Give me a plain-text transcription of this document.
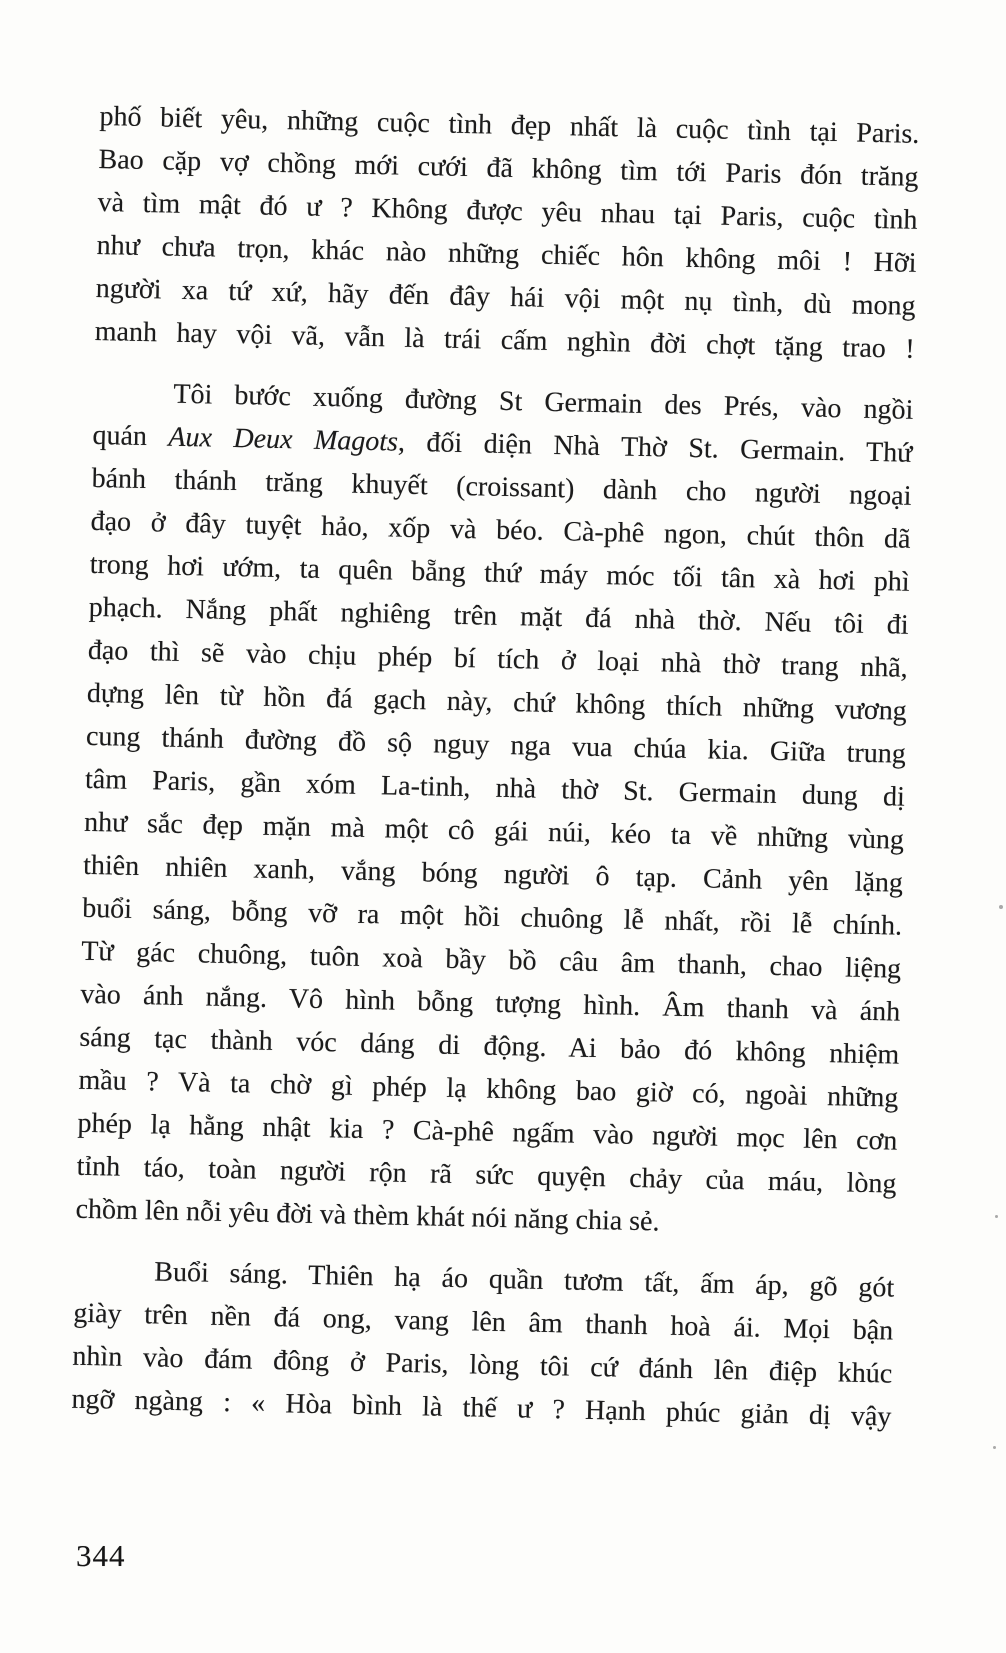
phố biết yêu, những cuộc tình đẹp nhất là cuộc tình tại Paris.
Bao cặp vợ chồng mới cưới đã không tìm tới Paris đón trăng
và tìm mật đó ư ? Không được yêu nhau tại Paris, cuộc tình
như chưa trọn, khác nào những chiếc hôn không môi ! Hỡi
người xa tứ xứ, hãy đến đây hái vội một nụ tình, dù mong
manh hay vội vã, vẫn là trái cấm nghìn đời chợt tặng trao !
Tôi bước xuống đường St Germain des Prés, vào ngồi
quán Aux Deux Magots, đối diện Nhà Thờ St. Germain. Thứ
bánh thánh trăng khuyết (croissant) dành cho người ngoại
đạo ở đây tuyệt hảo, xốp và béo. Cà-phê ngon, chút thôn dã
trong hơi ướm, ta quên bẵng thứ máy móc tối tân xà hơi phì
phạch. Nắng phất nghiêng trên mặt đá nhà thờ. Nếu tôi đi
đạo thì sẽ vào chịu phép bí tích ở loại nhà thờ trang nhã,
dựng lên từ hồn đá gạch này, chứ không thích những vương
cung thánh đường đồ sộ nguy nga vua chúa kia. Giữa trung
tâm Paris, gần xóm La-tinh, nhà thờ St. Germain dung dị
như sắc đẹp mặn mà một cô gái núi, kéo ta về những vùng
thiên nhiên xanh, vắng bóng người ô tạp. Cảnh yên lặng
buổi sáng, bỗng vỡ ra một hồi chuông lễ nhất, rồi lễ chính.
Từ gác chuông, tuôn xoà bầy bồ câu âm thanh, chao liệng
vào ánh nắng. Vô hình bỗng tượng hình. Âm thanh và ánh
sáng tạc thành vóc dáng di động. Ai bảo đó không nhiệm
mầu ? Và ta chờ gì phép lạ không bao giờ có, ngoài những
phép lạ hằng nhật kia ? Cà-phê ngấm vào người mọc lên cơn
tỉnh táo, toàn người rộn rã sức quyện chảy của máu, lòng
chồm lên nỗi yêu đời và thèm khát nói năng chia sẻ.
Buổi sáng. Thiên hạ áo quần tươm tất, ấm áp, gõ gót
giày trên nền đá ong, vang lên âm thanh hoà ái. Mọi bận
nhìn vào đám đông ở Paris, lòng tôi cứ đánh lên điệp khúc
ngỡ ngàng : « Hòa bình là thế ư ? Hạnh phúc giản dị vậy
344
